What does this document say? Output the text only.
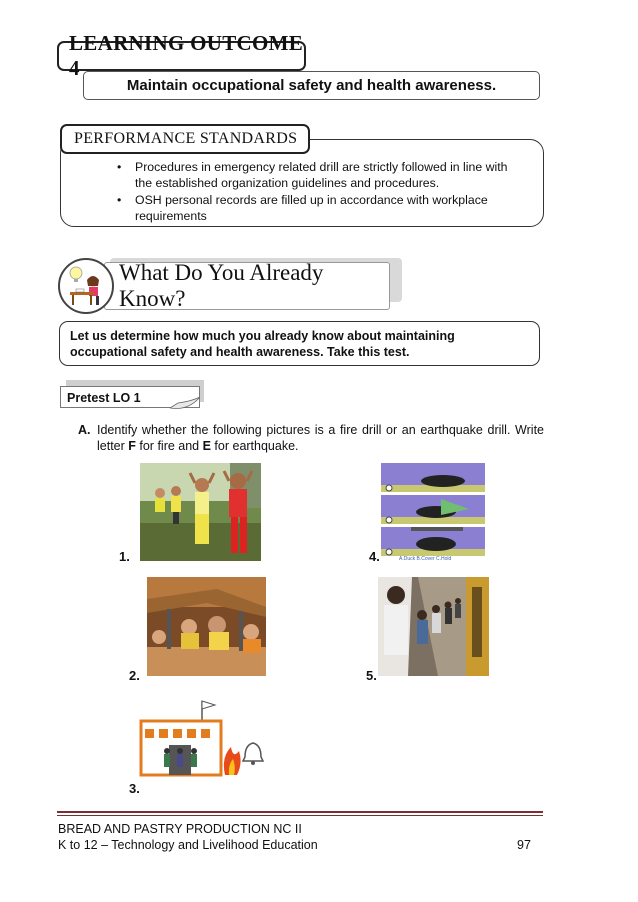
LEARNING OUTCOME 4
Maintain occupational safety and health awareness.
PERFORMANCE STANDARDS
• Procedures in emergency related drill are strictly followed in line with the established organization guidelines and procedures.
• OSH personal records are filled up in accordance with workplace requirements
What Do You Already Know?
Let us determine how much you already know about maintaining occupational safety and health awareness. Take this test.
Pretest LO 1
A. Identify whether the following pictures is a fire drill or an earthquake drill. Write letter F for fire and E for earthquake.
1.	A.Duck B.Cover C.Hold
4.
2.	5.
3.
BREAD AND PASTRY PRODUCTION NC II
K to 12 – Technology and Livelihood Education	97
